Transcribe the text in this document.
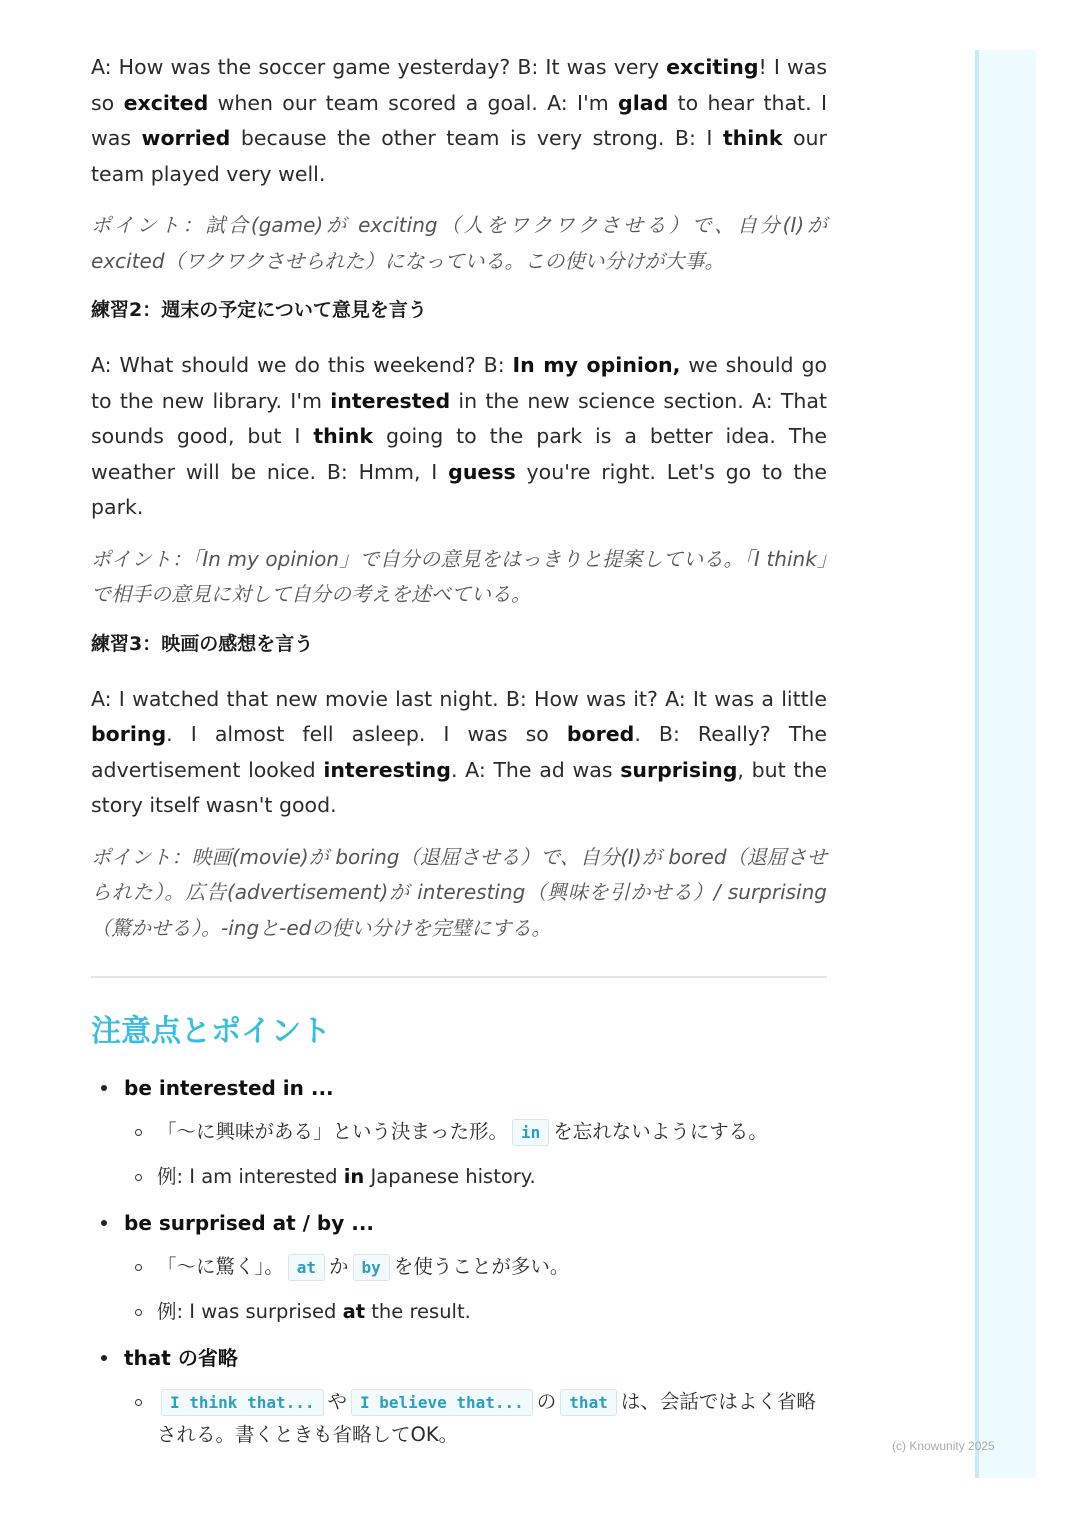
A: How was the soccer game yesterday? B: It was very exciting! I was so excited when our team scored a goal. A: I'm glad to hear that. I was worried because the other team is very strong. B: I think our team played very well.

ポイント：試合(game)が exciting（人をワクワクさせる）で、自分(I)が excited（ワクワクさせられた）になっている。この使い分けが大事。

練習2：週末の予定について意見を言う

A: What should we do this weekend? B: In my opinion, we should go to the new library. I'm interested in the new science section. A: That sounds good, but I think going to the park is a better idea. The weather will be nice. B: Hmm, I guess you're right. Let's go to the park.

ポイント：「In my opinion」で自分の意見をはっきりと提案している。「I think」で相手の意見に対して自分の考えを述べている。

練習3：映画の感想を言う

A: I watched that new movie last night. B: How was it? A: It was a little boring. I almost fell asleep. I was so bored. B: Really? The advertisement looked interesting. A: The ad was surprising, but the story itself wasn't good.

ポイント：映画(movie)が boring（退屈させる）で、自分(I)が bored（退屈させられた）。広告(advertisement)が interesting（興味を引かせる）/ surprising（驚かせる）。-ingと-edの使い分けを完璧にする。

注意点とポイント
be interested in ...
「〜に興味がある」という決まった形。 in を忘れないようにする。
例: I am interested in Japanese history.
be surprised at / by ...
「〜に驚く」。 at か by を使うことが多い。
例: I was surprised at the result.
that の省略
I think that... や I believe that... の that は、会話ではよく省略される。書くときも省略してOK。	(c) Knowunity 2025
